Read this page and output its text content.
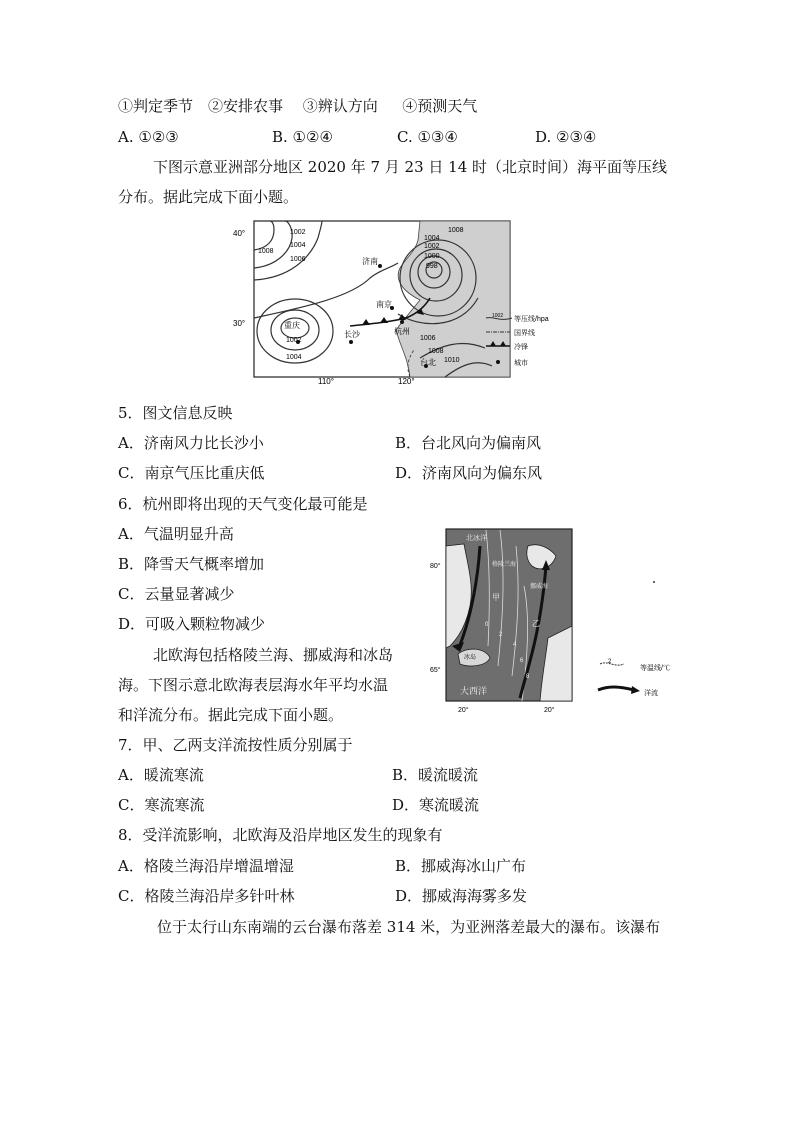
①判定季节　②安排农事　 ③辨认方向 　 ④预测天气
A. ①②③	B. ①②④	C. ①③④	D. ②③④
下图示意亚洲部分地区 2020 年 7 月 23 日 14 时（北京时间）海平面等压线
分布。据此完成下面小题。
40°
30°
110°	120°
1002
1008
1004
1006
1002
1004
1004
1002
1000
998
1006
1008
1010
1008
济南
南京
杭州
长沙
重庆
台北
1002 等压线/hpa
国界线
冷锋
城市
5．图文信息反映
A．济南风力比长沙小	B．台北风向为偏南风
C．南京气压比重庆低	D．济南风向为偏东风
6．杭州即将出现的天气变化最可能是
A．气温明显升高
B．降雪天气概率增加
C．云量显著减少
D．可吸入颗粒物减少
北欧海包括格陵兰海、挪威海和冰岛
海。下图示意北欧海表层海水年平均水温
和洋流分布。据此完成下面小题。
北冰洋
甲
乙
大西洋
格陵兰海
挪威海
冰岛
0
2
4
6
8
80°
65°
20°	20°
2
等温线/℃
洋流
7．甲、乙两支洋流按性质分别属于
A．暖流寒流	B．暖流暖流
C．寒流寒流	D．寒流暖流
8．受洋流影响，北欧海及沿岸地区发生的现象有
A．格陵兰海沿岸增温增湿	B．挪威海冰山广布
C．格陵兰海沿岸多针叶林	D．挪威海海雾多发
位于太行山东南端的云台瀑布落差 314 米，为亚洲落差最大的瀑布。该瀑布
